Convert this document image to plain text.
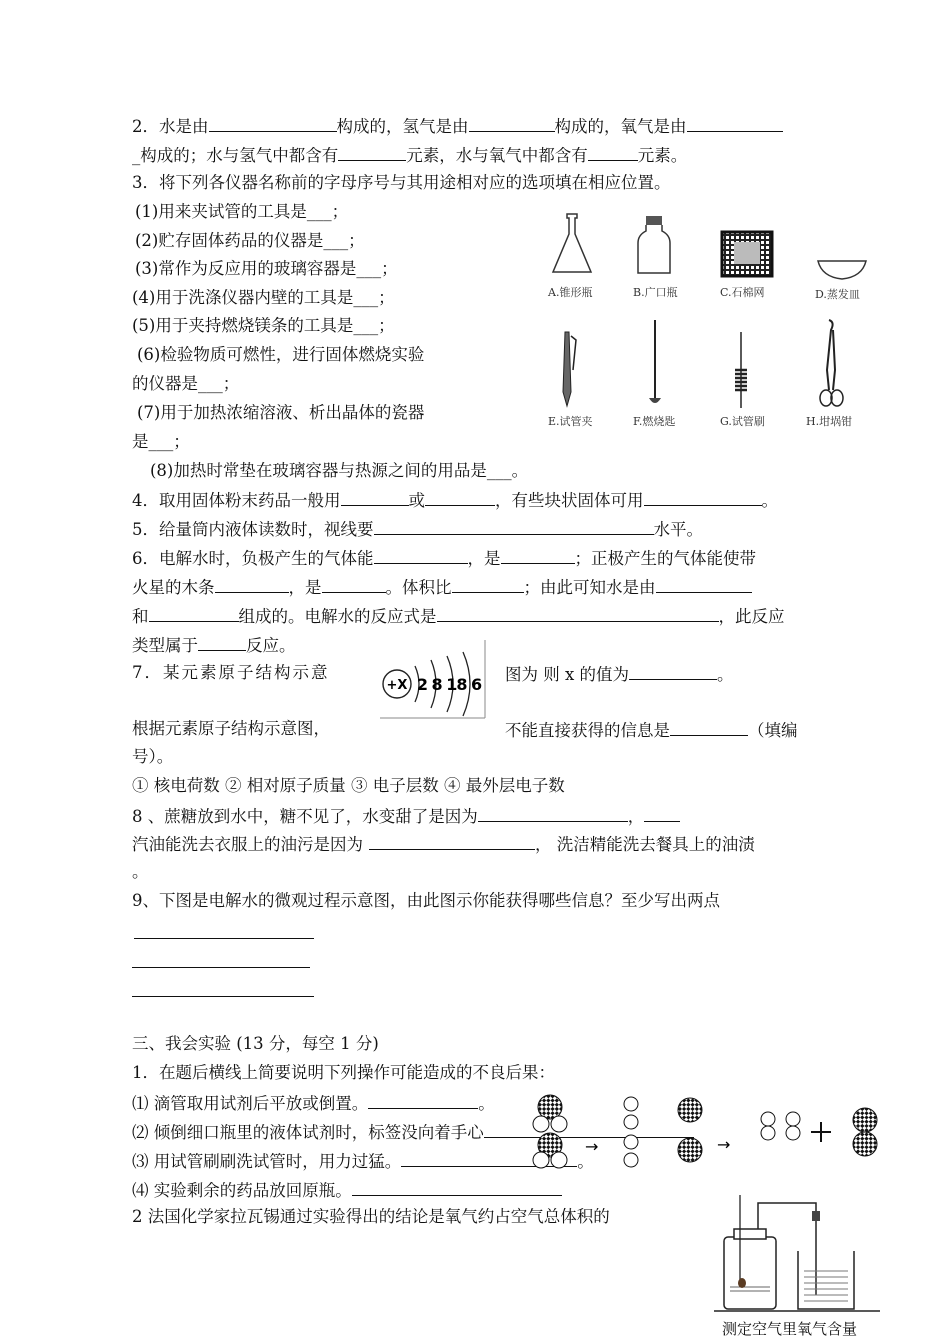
2．水是由	构成的，氢气是由	构成的，氧气是由
_构成的；水与氢气中都含有	元素，水与氧气中都含有	元素。
3．将下列各仪器名称前的字母序号与其用途相对应的选项填在相应位置。
(1)用来夹试管的工具是___；
(2)贮存固体药品的仪器是___；
(3)常作为反应用的玻璃容器是___；
(4)用于洗涤仪器内壁的工具是___；
(5)用于夹持燃烧镁条的工具是___；
(6)检验物质可燃性，进行固体燃烧实验
的仪器是___；
(7)用于加热浓缩溶液、析出晶体的瓷器
是___；
(8)加热时常垫在玻璃容器与热源之间的用品是___。
A.锥形瓶	B.广口瓶	C.石棉网	D.蒸发皿
E.试管夹	F.燃烧匙	G.试管刷	H.坩埚钳
4．取用固体粉末药品一般用	或	，有些块状固体可用	。
5．给量筒内液体读数时，视线要	水平。
6．电解水时，负极产生的气体能	，是	；正极产生的气体能使带
火星的木条	，是	。体积比	；由此可知水是由
和	组成的。电解水的反应式是	，此反应
类型属于	反应。
7．某元素原子结构示意	图为 则 x 的值为	。
+X 2 8 18 6
根据元素原子结构示意图，	不能直接获得的信息是	（填编
号）。
① 核电荷数 ② 相对原子质量 ③ 电子层数 ④ 最外层电子数
8 、蔗糖放到水中，糖不见了，水变甜了是因为	，
汽油能洗去衣服上的油污是因为	， 洗洁精能洗去餐具上的油渍
。
9、下图是电解水的微观过程示意图，由此图示你能获得哪些信息？至少写出两点
三、我会实验 (13 分，每空 1 分)
1．在题后横线上简要说明下列操作可能造成的不良后果：
⑴ 滴管取用试剂后平放或倒置。	。
⑵ 倾倒细口瓶里的液体试剂时，标签没向着手心
⑶ 用试管刷刷洗试管时，用力过猛。	。
⑷ 实验剩余的药品放回原瓶。
2 法国化学家拉瓦锡通过实验得出的结论是氧气约占空气总体积的
→	→
测定空气里氧气含量
